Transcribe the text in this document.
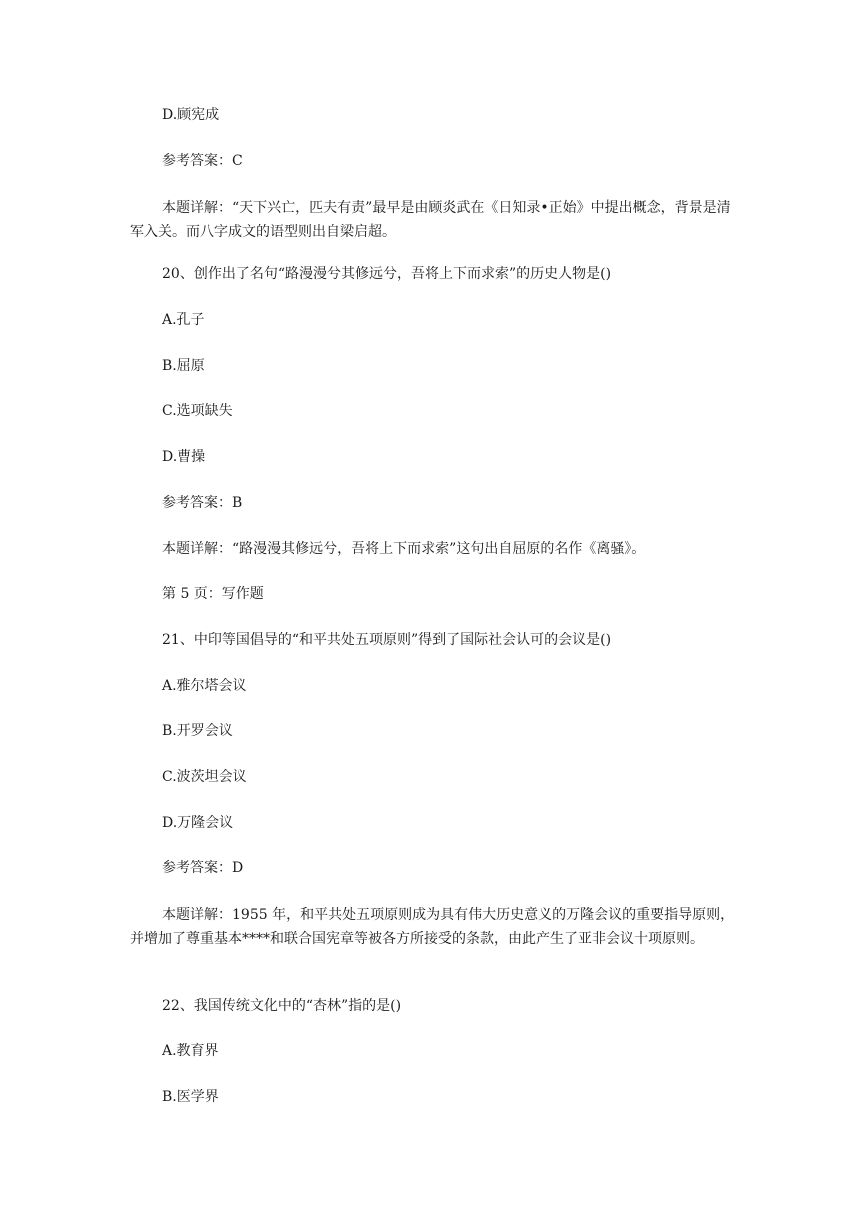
D.顾宪成
参考答案：C
本题详解：“天下兴亡，匹夫有责”最早是由顾炎武在《日知录•正始》中提出概念，背景是清军入关。而八字成文的语型则出自梁启超。
20、创作出了名句“路漫漫兮其修远兮，吾将上下而求索”的历史人物是()
A.孔子
B.屈原
C.选项缺失
D.曹操
参考答案：B
本题详解：“路漫漫其修远兮，吾将上下而求索”这句出自屈原的名作《离骚》。
第 5 页：写作题
21、中印等国倡导的“和平共处五项原则”得到了国际社会认可的会议是()
A.雅尔塔会议
B.开罗会议
C.波茨坦会议
D.万隆会议
参考答案：D
本题详解：1955 年，和平共处五项原则成为具有伟大历史意义的万隆会议的重要指导原则，并增加了尊重基本****和联合国宪章等被各方所接受的条款，由此产生了亚非会议十项原则。
22、我国传统文化中的“杏林”指的是()
A.教育界
B.医学界
